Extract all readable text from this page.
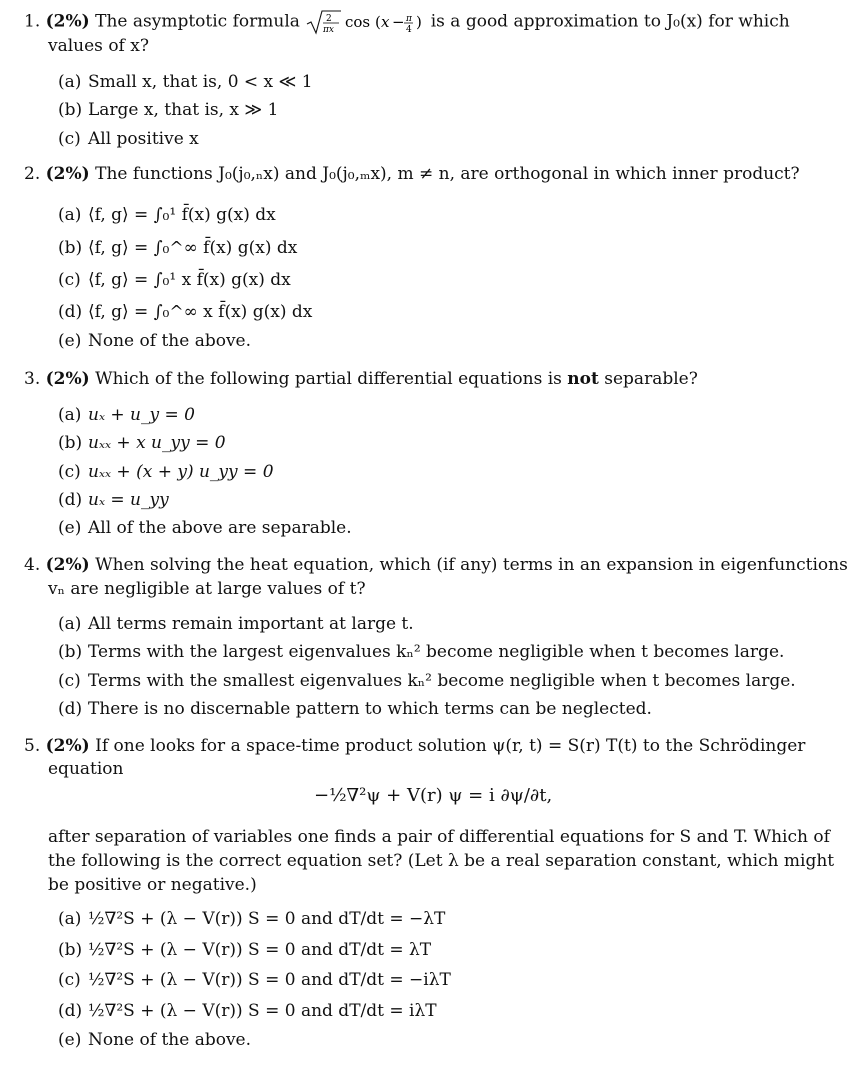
1. (2%) The asymptotic formula	2
πx cos ( x − π
4 ) is a good approximation to J₀(x) for which
values of x?
(a) Small x, that is, 0 < x ≪ 1
(b) Large x, that is, x ≫ 1
(c) All positive x
2. (2%) The functions J₀(j₀,ₙx) and J₀(j₀,ₘx), m ≠ n, are orthogonal in which inner product?
(a) ⟨f, g⟩ = ∫₀¹ f̄(x) g(x) dx
(b) ⟨f, g⟩ = ∫₀^∞ f̄(x) g(x) dx
(c) ⟨f, g⟩ = ∫₀¹ x f̄(x) g(x) dx
(d) ⟨f, g⟩ = ∫₀^∞ x f̄(x) g(x) dx
(e) None of the above.
3. (2%) Which of the following partial differential equations is not separable?
(a) uₓ + u_y = 0
(b) uₓₓ + x u_yy = 0
(c) uₓₓ + (x + y) u_yy = 0
(d) uₓ = u_yy
(e) All of the above are separable.
4. (2%) When solving the heat equation, which (if any) terms in an expansion in eigenfunctions
vₙ are negligible at large values of t?
(a) All terms remain important at large t.
(b) Terms with the largest eigenvalues kₙ² become negligible when t becomes large.
(c) Terms with the smallest eigenvalues kₙ² become negligible when t becomes large.
(d) There is no discernable pattern to which terms can be neglected.
5. (2%) If one looks for a space-time product solution ψ(r, t) = S(r) T(t) to the Schrödinger
equation
−½∇²ψ + V(r) ψ = i ∂ψ/∂t,
after separation of variables one finds a pair of differential equations for S and T. Which of
the following is the correct equation set? (Let λ be a real separation constant, which might
be positive or negative.)
(a) ½∇²S + (λ − V(r)) S = 0 and dT/dt = −λT
(b) ½∇²S + (λ − V(r)) S = 0 and dT/dt = λT
(c) ½∇²S + (λ − V(r)) S = 0 and dT/dt = −iλT
(d) ½∇²S + (λ − V(r)) S = 0 and dT/dt = iλT
(e) None of the above.
